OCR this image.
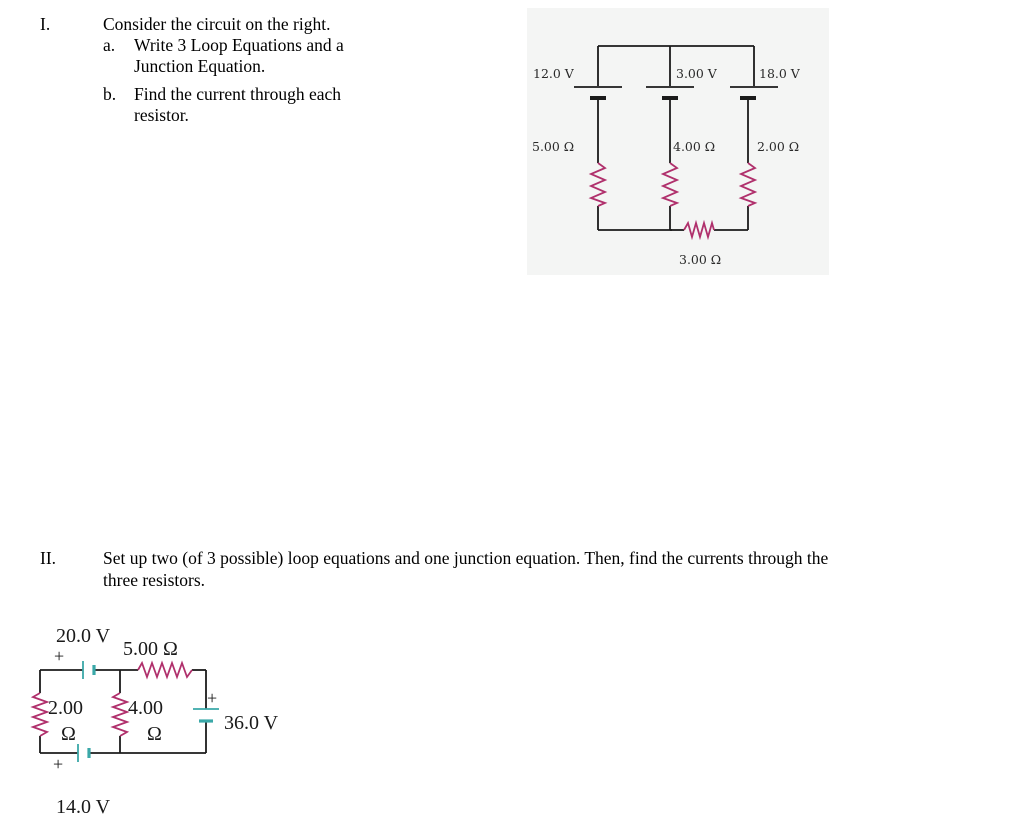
I.	Consider the circuit on the right.
a. Write 3 Loop Equations and a
Junction Equation.
b. Find the current through each
resistor.
12.0 V	3.00 V	18.0 V
5.00 Ω	4.00 Ω	2.00 Ω
3.00 Ω
II.	Set up two (of 3 possible) loop equations and one junction equation. Then, find the currents through the
three resistors.
20.0 V
+	5.00 Ω
2.00
Ω
4.00
Ω
+
36.0 V
+
14.0 V
